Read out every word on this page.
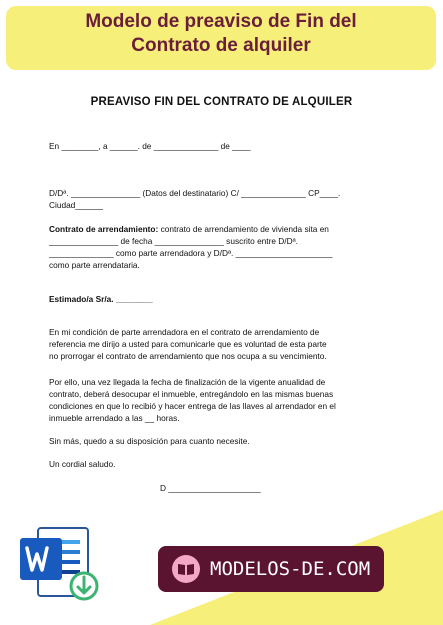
Modelo de preaviso de Fin del
Contrato de alquiler
PREAVISO FIN DEL CONTRATO DE ALQUILER
En ________, a ______. de ______________ de ____
D/Dª. _______________ (Datos del destinatario) C/ ______________ CP____.
Ciudad______
Contrato de arrendamiento: contrato de arrendamiento de vivienda sita en
_______________ de fecha _______________ suscrito entre D/Dª.
______________ como parte arrendadora y D/Dª. _____________________
como parte arrendataria.
Estimado/a Sr/a. ________
En mi condición de parte arrendadora en el contrato de arrendamiento de
referencia me dirijo a usted para comunicarle que es voluntad de esta parte
no prorrogar el contrato de arrendamiento que nos ocupa a su vencimiento.
Por ello, una vez llegada la fecha de finalización de la vigente anualidad de
contrato, deberá desocupar el inmueble, entregándolo en las mismas buenas
condiciones en que lo recibió y hacer entrega de las llaves al arrendador en el
inmueble arrendado a las __ horas.
Sin más, quedo a su disposición para cuanto necesite.
Un cordial saludo.
D ____________________
MODELOS-DE.COM
